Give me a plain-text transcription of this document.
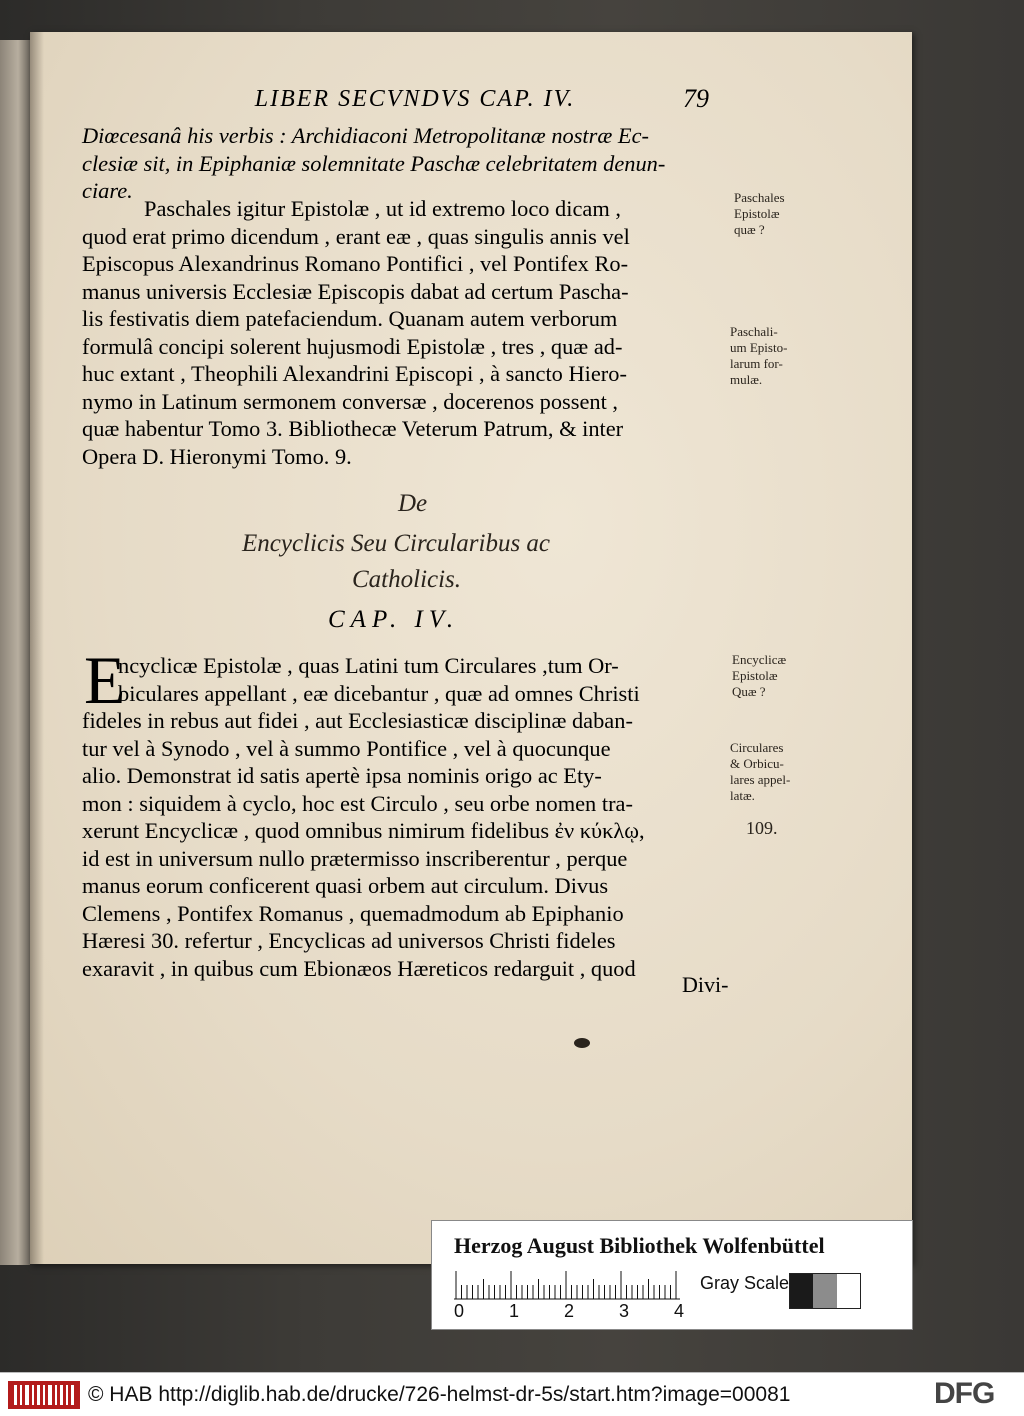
LIBER SECVNDVS CAP. IV.	79
Diœcesanâ his verbis : Archidiaconi Metropolitanæ nostræ Ec-
clesiæ sit, in Epiphaniæ solemnitate Paschæ celebritatem denun-
ciare.
Paschales igitur Epistolæ , ut id extremo loco dicam ,
quod erat primo dicendum , erant eæ , quas singulis annis vel
Episcopus Alexandrinus Romano Pontifici , vel Pontifex Ro-
manus universis Ecclesiæ Episcopis dabat ad certum Pascha-
lis festivatis diem patefaciendum. Quanam autem verborum
formulâ concipi solerent hujusmodi Epistolæ , tres , quæ ad-
huc extant , Theophili Alexandrini Episcopi , à sancto Hiero-
nymo in Latinum sermonem conversæ , docerenos possent ,
quæ habentur Tomo 3. Bibliothecæ Veterum Patrum, & inter
Opera D. Hieronymi Tomo. 9.
Paschales
Epistolæ
quæ ?
Paschali-
um Episto-
larum for-
mulæ.
De
Encyclicis Seu Circularibus ac
Catholicis.
CAP. IV.
E
ncyclicæ Epistolæ , quas Latini tum Circulares ,tum Or-
biculares appellant , eæ dicebantur , quæ ad omnes Christi
fideles in rebus aut fidei , aut Ecclesiasticæ disciplinæ daban-
tur vel à Synodo , vel à summo Pontifice , vel à quocunque
alio. Demonstrat id satis apertè ipsa nominis origo ac Ety-
mon : siquidem à cyclo, hoc est Circulo , seu orbe nomen tra-
xerunt Encyclicæ , quod omnibus nimirum fidelibus ἐν κύκλῳ,
id est in universum nullo prætermisso inscriberentur , perque
manus eorum conficerent quasi orbem aut circulum. Divus
Clemens , Pontifex Romanus , quemadmodum ab Epiphanio
Hæresi 30. refertur , Encyclicas ad universos Christi fideles
exaravit , in quibus cum Ebionæos Hæreticos redarguit , quod
Encyclicæ
Epistolæ
Quæ ?
Circulares
& Orbicu-
lares appel-
latæ.
109.
Divi-
Herzog August Bibliothek Wolfenbüttel
0 1 2 3 4
Gray Scale
© HAB http://diglib.hab.de/drucke/726-helmst-dr-5s/start.htm?image=00081	DFG
